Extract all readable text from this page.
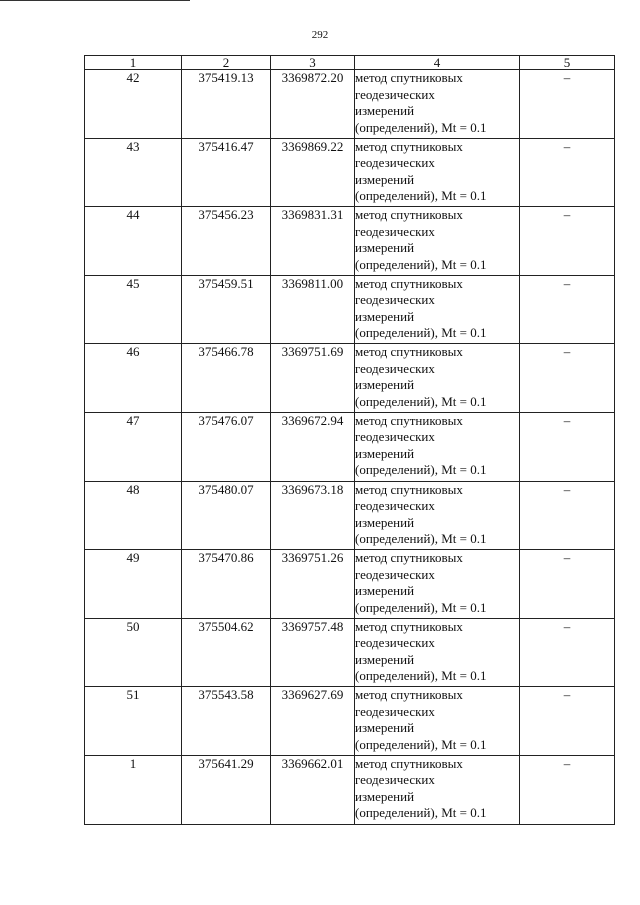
292
1	2	3	4	5
42	375419.13	3369872.20	метод спутниковых
геодезических
измерений
(определений), Mt = 0.1	–
43	375416.47	3369869.22	метод спутниковых
геодезических
измерений
(определений), Mt = 0.1	–
44	375456.23	3369831.31	метод спутниковых
геодезических
измерений
(определений), Mt = 0.1	–
45	375459.51	3369811.00	метод спутниковых
геодезических
измерений
(определений), Mt = 0.1	–
46	375466.78	3369751.69	метод спутниковых
геодезических
измерений
(определений), Mt = 0.1	–
47	375476.07	3369672.94	метод спутниковых
геодезических
измерений
(определений), Mt = 0.1	–
48	375480.07	3369673.18	метод спутниковых
геодезических
измерений
(определений), Mt = 0.1	–
49	375470.86	3369751.26	метод спутниковых
геодезических
измерений
(определений), Mt = 0.1	–
50	375504.62	3369757.48	метод спутниковых
геодезических
измерений
(определений), Mt = 0.1	–
51	375543.58	3369627.69	метод спутниковых
геодезических
измерений
(определений), Mt = 0.1	–
1	375641.29	3369662.01	метод спутниковых
геодезических
измерений
(определений), Mt = 0.1	–
